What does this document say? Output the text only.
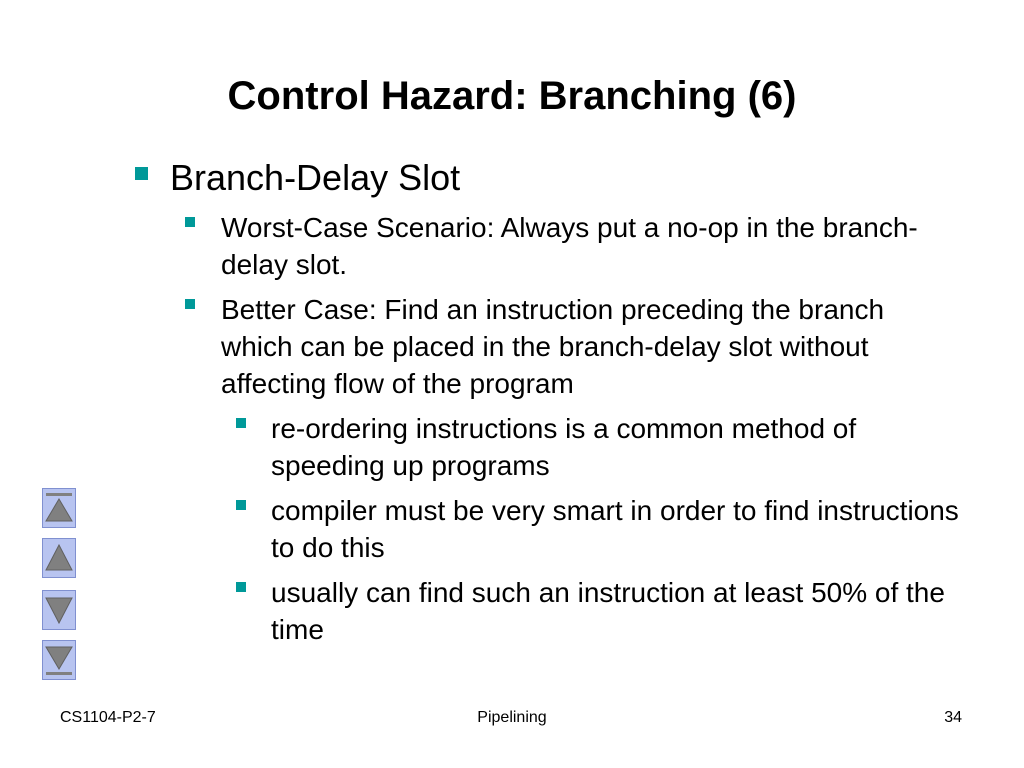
Control Hazard: Branching (6)
Branch-Delay Slot
Worst-Case Scenario: Always put a no-op in the branch-delay slot.
Better Case: Find an instruction preceding the branch which can be placed in the branch-delay slot without affecting flow of the program
re-ordering instructions is a common method of speeding up programs
compiler must be very smart in order to find instructions to do this
usually can find such an instruction at least 50% of the time
CS1104-P2-7	Pipelining	34
